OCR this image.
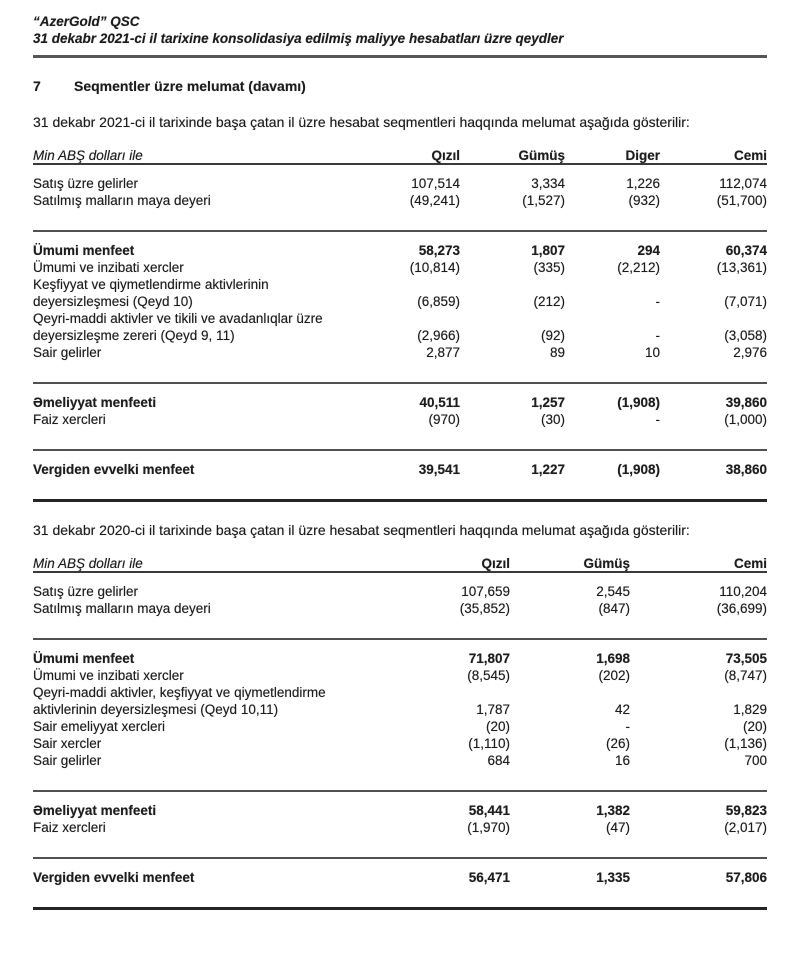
“AzerGold” QSC
31 dekabr 2021-ci il tarixine konsolidasiya edilmiş maliyye hesabatları üzre qeydler
7	Seqmentler üzre melumat (davamı)

31 dekabr 2021-ci il tarixinde başa çatan il üzre hesabat seqmentleri haqqında melumat aşağıda gösterilir:

Min ABŞ dolları ile	Qızıl	Gümüş	Diger	Cemi
Satış üzre gelirler	107,514	3,334	1,226	112,074
Satılmış malların maya deyeri	(49,241)	(1,527)	(932)	(51,700)
Ümumi menfeet	58,273	1,807	294	60,374
Ümumi ve inzibati xercler	(10,814)	(335)	(2,212)	(13,361)
Keşfiyyat ve qiymetlendirme aktivlerinin				
deyersizleşmesi (Qeyd 10)	(6,859)	(212)	-	(7,071)
Qeyri-maddi aktivler ve tikili ve avadanlıqlar üzre				
deyersizleşme zereri (Qeyd 9, 11)	(2,966)	(92)	-	(3,058)
Sair gelirler	2,877	89	10	2,976
Əmeliyyat menfeeti	40,511	1,257	(1,908)	39,860
Faiz xercleri	(970)	(30)	-	(1,000)
Vergiden evvelki menfeet	39,541	1,227	(1,908)	38,860

31 dekabr 2020-ci il tarixinde başa çatan il üzre hesabat seqmentleri haqqında melumat aşağıda gösterilir:

Min ABŞ dolları ile	Qızıl	Gümüş	Cemi
Satış üzre gelirler	107,659	2,545	110,204
Satılmış malların maya deyeri	(35,852)	(847)	(36,699)
Ümumi menfeet	71,807	1,698	73,505
Ümumi ve inzibati xercler	(8,545)	(202)	(8,747)
Qeyri-maddi aktivler, keşfiyyat ve qiymetlendirme			
aktivlerinin deyersizleşmesi (Qeyd 10,11)	1,787	42	1,829
Sair emeliyyat xercleri	(20)	-	(20)
Sair xercler	(1,110)	(26)	(1,136)
Sair gelirler	684	16	700
Əmeliyyat menfeeti	58,441	1,382	59,823
Faiz xercleri	(1,970)	(47)	(2,017)
Vergiden evvelki menfeet	56,471	1,335	57,806
